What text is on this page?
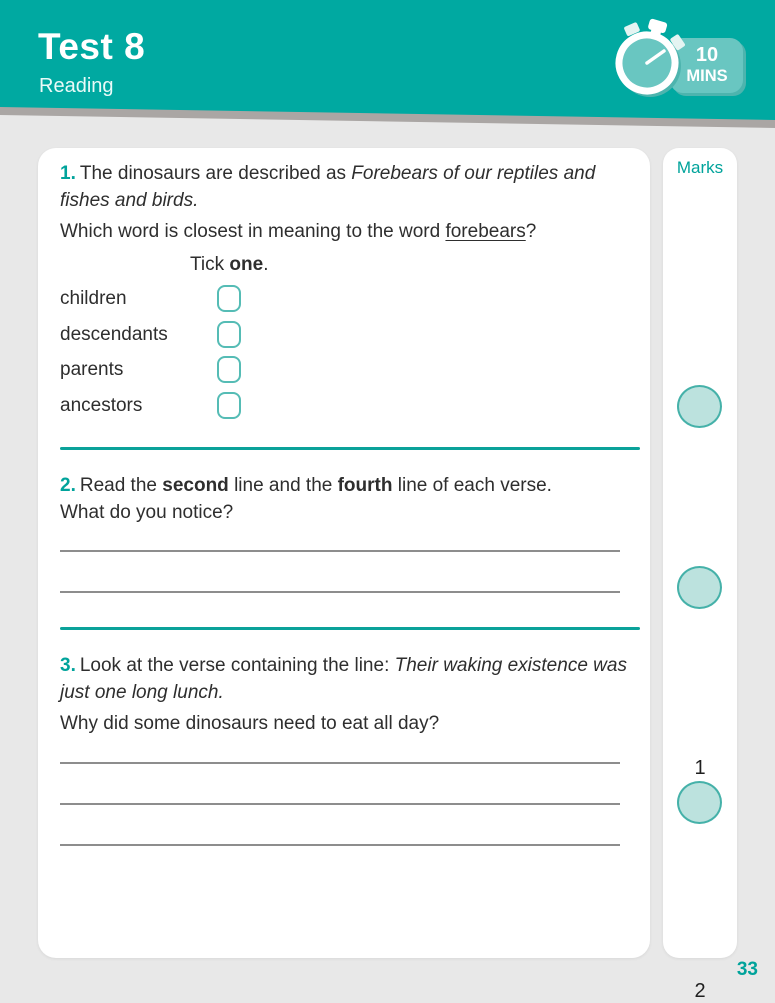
Test 8
Reading
10
MINS
1. The dinosaurs are described as Forebears of our reptiles and
fishes and birds.
Which word is closest in meaning to the word forebears?
Tick one.
children
descendants
parents
ancestors
2. Read the second line and the fourth line of each verse.
What do you notice?
3. Look at the verse containing the line: Their waking existence was
just one long lunch.
Why did some dinosaurs need to eat all day?
Marks
1
2
33
